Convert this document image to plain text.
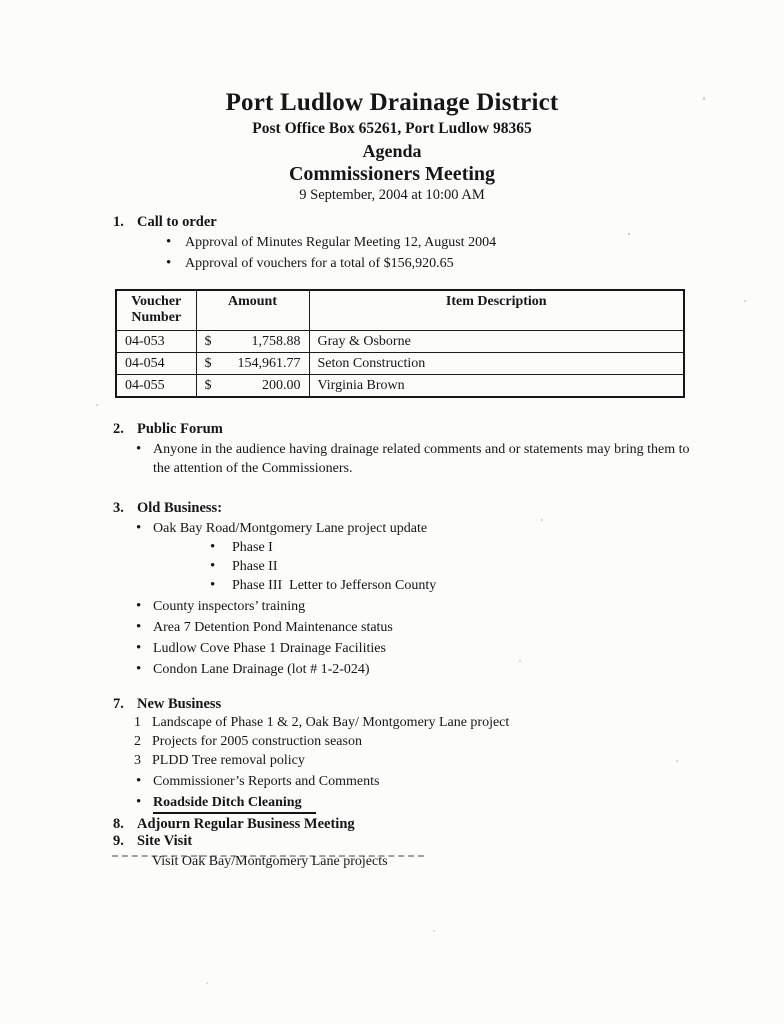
Port Ludlow Drainage District
Post Office Box 65261, Port Ludlow 98365
Agenda
Commissioners Meeting
9 September, 2004 at 10:00 AM
1. Call to order
• Approval of Minutes Regular Meeting 12, August 2004
• Approval of vouchers for a total of $156,920.65
Voucher Number	Amount	Item Description
04-053	$ 1,758.88	Gray & Osborne
04-054	$ 154,961.77	Seton Construction
04-055	$ 200.00	Virginia Brown
2. Public Forum
• Anyone in the audience having drainage related comments and or statements may bring them to the attention of the Commissioners.
3. Old Business:
• Oak Bay Road/Montgomery Lane project update
• Phase I
• Phase II
• Phase III  Letter to Jefferson County
• County inspectors’ training
• Area 7 Detention Pond Maintenance status
• Ludlow Cove Phase 1 Drainage Facilities
• Condon Lane Drainage (lot # 1-2-024)
7. New Business
1 Landscape of Phase 1 & 2, Oak Bay/ Montgomery Lane project
2 Projects for 2005 construction season
3 PLDD Tree removal policy
• Commissioner’s Reports and Comments
• Roadside Ditch Cleaning
8. Adjourn Regular Business Meeting
9. Site Visit
Visit Oak Bay/Montgomery Lane projects
